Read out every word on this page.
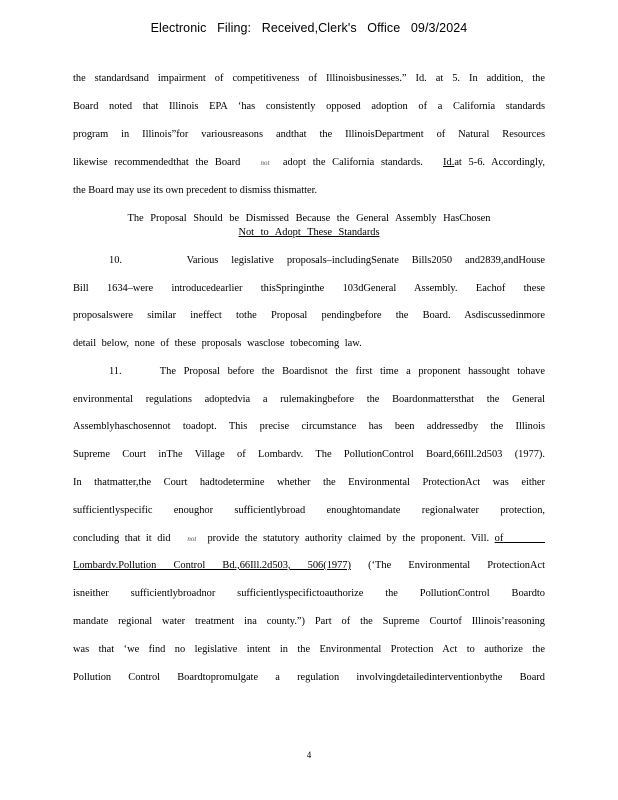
Electronic Filing: Received,Clerk's Office 09/3/2024
the standardsand impairment of competitiveness of Illinoisbusinesses.” Id. at 5. In addition, the
Board noted that Illinois EPA ‘has consistently opposed adoption of a California standards
program in Illinois”for variousreasons andthat the IllinoisDepartment of Natural Resources
likewise recommendedthat the Board	not adopt the California standards. Id.at 5-6. Accordingly,
the Board may use its own precedent to dismiss thismatter.
The Proposal Should be Dismissed Because the General Assembly HasChosen
Not to Adopt These Standards
10.	Various legislative proposals–includingSenate Bills2050 and2839,andHouse
Bill 1634–were introducedearlier thisSpringinthe 103dGeneral Assembly. Eachof these
proposalswere similar ineffect tothe Proposal pendingbefore the Board. Asdiscussedinmore
detail below, none of these proposals wasclose tobecoming law.
11.	The Proposal before the Boardisnot the first time a proponent hassought tohave
environmental regulations adoptedvia a rulemakingbefore the Boardonmattersthat the General
Assemblyhaschosennot toadopt. This precise circumstance has been addressedby the Illinois
Supreme Court inThe Village of Lombardv. The PollutionControl Board,66Ill.2d503 (1977).
In thatmatter,the Court hadtodetermine whether the Environmental ProtectionAct was either
sufficientlyspecific enoughor sufficientlybroad enoughtomandate regionalwater protection,
concluding that it did not provide the statutory authority claimed by the proponent. Vill. of
Lombardv.Pollution Control Bd.,66Ill.2d503, 506(1977) (‘The Environmental ProtectionAct
isneither sufficientlybroadnor sufficientlyspecifictoauthorize the PollutionControl Boardto
mandate regional water treatment ina county.”) Part of the Supreme Courtof Illinois’reasoning
was that ‘we find no legislative intent in the Environmental Protection Act to authorize the
Pollution Control Boardtopromulgate a regulation involvingdetailedinterventionbythe Board
4
